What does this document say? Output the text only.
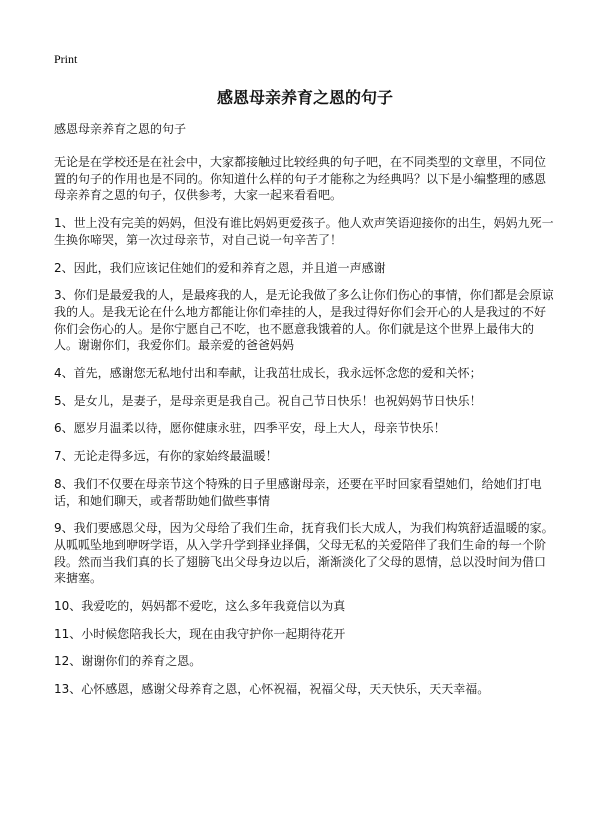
Print
感恩母亲养育之恩的句子

感恩母亲养育之恩的句子

无论是在学校还是在社会中，大家都接触过比较经典的句子吧，在不同类型的文章里，不同位置的句子的作用也是不同的。你知道什么样的句子才能称之为经典吗？以下是小编整理的感恩母亲养育之恩的句子，仅供参考，大家一起来看看吧。

1、世上没有完美的妈妈，但没有谁比妈妈更爱孩子。他人欢声笑语迎接你的出生，妈妈九死一生换你啼哭，第一次过母亲节，对自己说一句辛苦了！

2、因此，我们应该记住她们的爱和养育之恩，并且道一声感谢

3、你们是最爱我的人，是最疼我的人，是无论我做了多么让你们伤心的事情，你们都是会原谅我的人。是我无论在什么地方都能让你们牵挂的人，是我过得好你们会开心的人是我过的不好你们会伤心的人。是你宁愿自己不吃，也不愿意我饿着的人。你们就是这个世界上最伟大的人。谢谢你们，我爱你们。最亲爱的爸爸妈妈

4、首先，感谢您无私地付出和奉献，让我茁壮成长，我永远怀念您的爱和关怀；

5、是女儿，是妻子，是母亲更是我自己。祝自己节日快乐！也祝妈妈节日快乐！

6、愿岁月温柔以待，愿你健康永驻，四季平安，母上大人，母亲节快乐！

7、无论走得多远，有你的家始终最温暖！

8、我们不仅要在母亲节这个特殊的日子里感谢母亲，还要在平时回家看望她们，给她们打电话，和她们聊天，或者帮助她们做些事情

9、我们要感恩父母，因为父母给了我们生命，抚育我们长大成人，为我们构筑舒适温暖的家。从呱呱坠地到咿呀学语，从入学升学到择业择偶，父母无私的关爱陪伴了我们生命的每一个阶段。然而当我们真的长了翅膀飞出父母身边以后，渐渐淡化了父母的恩情，总以没时间为借口来搪塞。

10、我爱吃的，妈妈都不爱吃，这么多年我竟信以为真

11、小时候您陪我长大，现在由我守护你一起期待花开

12、谢谢你们的养育之恩。

13、心怀感恩，感谢父母养育之恩，心怀祝福，祝福父母，天天快乐，天天幸福。
